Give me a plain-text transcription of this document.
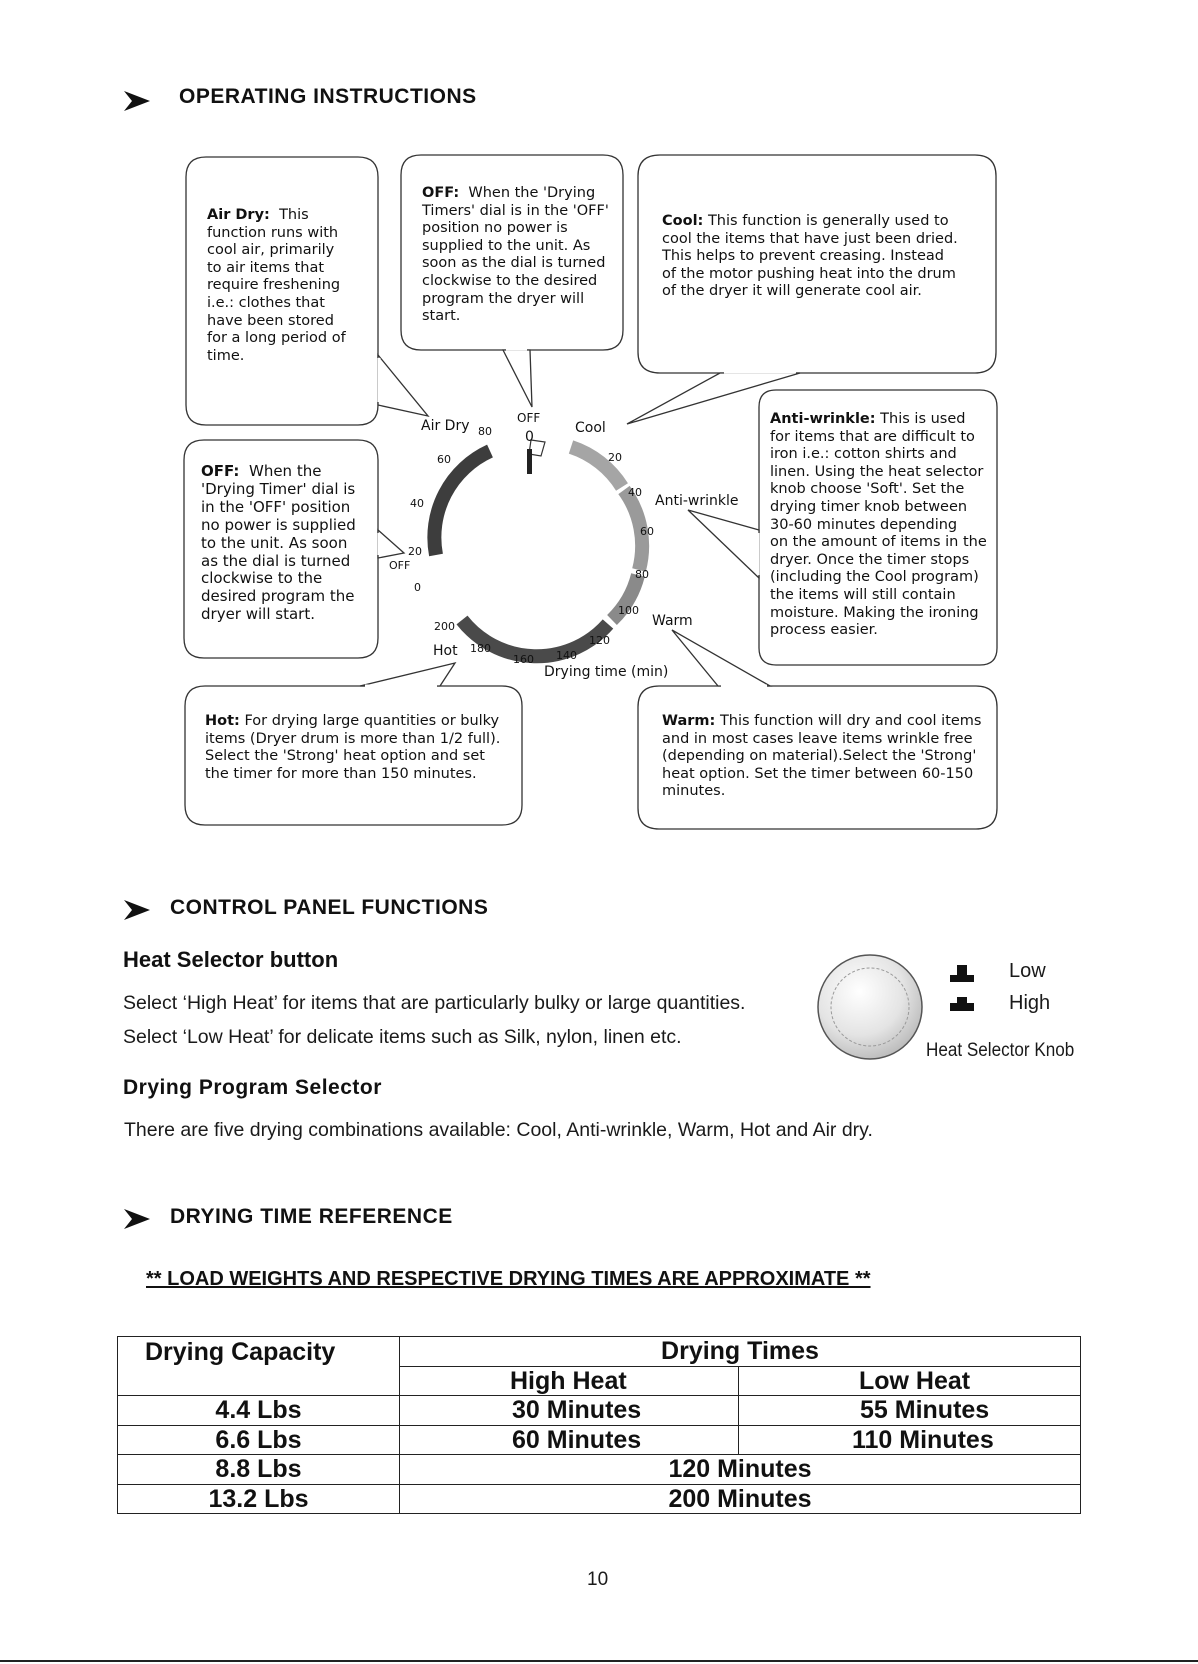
OPERATING INSTRUCTIONS
Air Dry: This
function runs with
cool air, primarily
to air items that
require freshening
i.e.: clothes that
have been stored
for a long period of
time.
OFF: When the 'Drying
Timers' dial is in the 'OFF'
position no power is
supplied to the unit. As
soon as the dial is turned
clockwise to the desired
program the dryer will
start.
Cool: This function is generally used to
cool the items that have just been dried.
This helps to prevent creasing. Instead
of the motor pushing heat into the drum
of the dryer it will generate cool air.
Anti-wrinkle: This is used
for items that are difficult to
iron i.e.: cotton shirts and
linen. Using the heat selector
knob choose 'Soft'. Set the
drying timer knob between
30-60 minutes depending
on the amount of items in the
dryer. Once the timer stops
(including the Cool program)
the items will still contain
moisture. Making the ironing
process easier.
OFF: When the
'Drying Timer' dial is
in the 'OFF' position
no power is supplied
to the unit. As soon
as the dial is turned
clockwise to the
desired program the
dryer will start.
Hot: For drying large quantities or bulky
items (Dryer drum is more than 1/2 full).
Select the 'Strong' heat option and set
the timer for more than 150 minutes.
Warm: This function will dry and cool items
and in most cases leave items wrinkle free
(depending on material).Select the 'Strong'
heat option. Set the timer between 60-150
minutes.
Air Dry	OFF
0
Cool
Anti-wrinkle
Warm
Hot
OFF
Drying time (min)
20
40
60
80
100
120
140
160
180
200
0
20
40
60
80
CONTROL PANEL FUNCTIONS
Heat Selector button
Select ‘High Heat’ for items that are particularly bulky or large quantities.
Select ‘Low Heat’ for delicate items such as Silk, nylon, linen etc.
Low
High
Heat Selector Knob
Drying Program Selector
There are five drying combinations available: Cool, Anti-wrinkle, Warm, Hot and Air dry.
DRYING TIME REFERENCE
** LOAD WEIGHTS AND RESPECTIVE DRYING TIMES ARE APPROXIMATE **
Drying Capacity	Drying Times	
	High Heat	Low Heat
4.4 Lbs	30 Minutes	55 Minutes
6.6 Lbs	60 Minutes	110 Minutes
8.8 Lbs	120 Minutes	
13.2 Lbs	200 Minutes	
10
